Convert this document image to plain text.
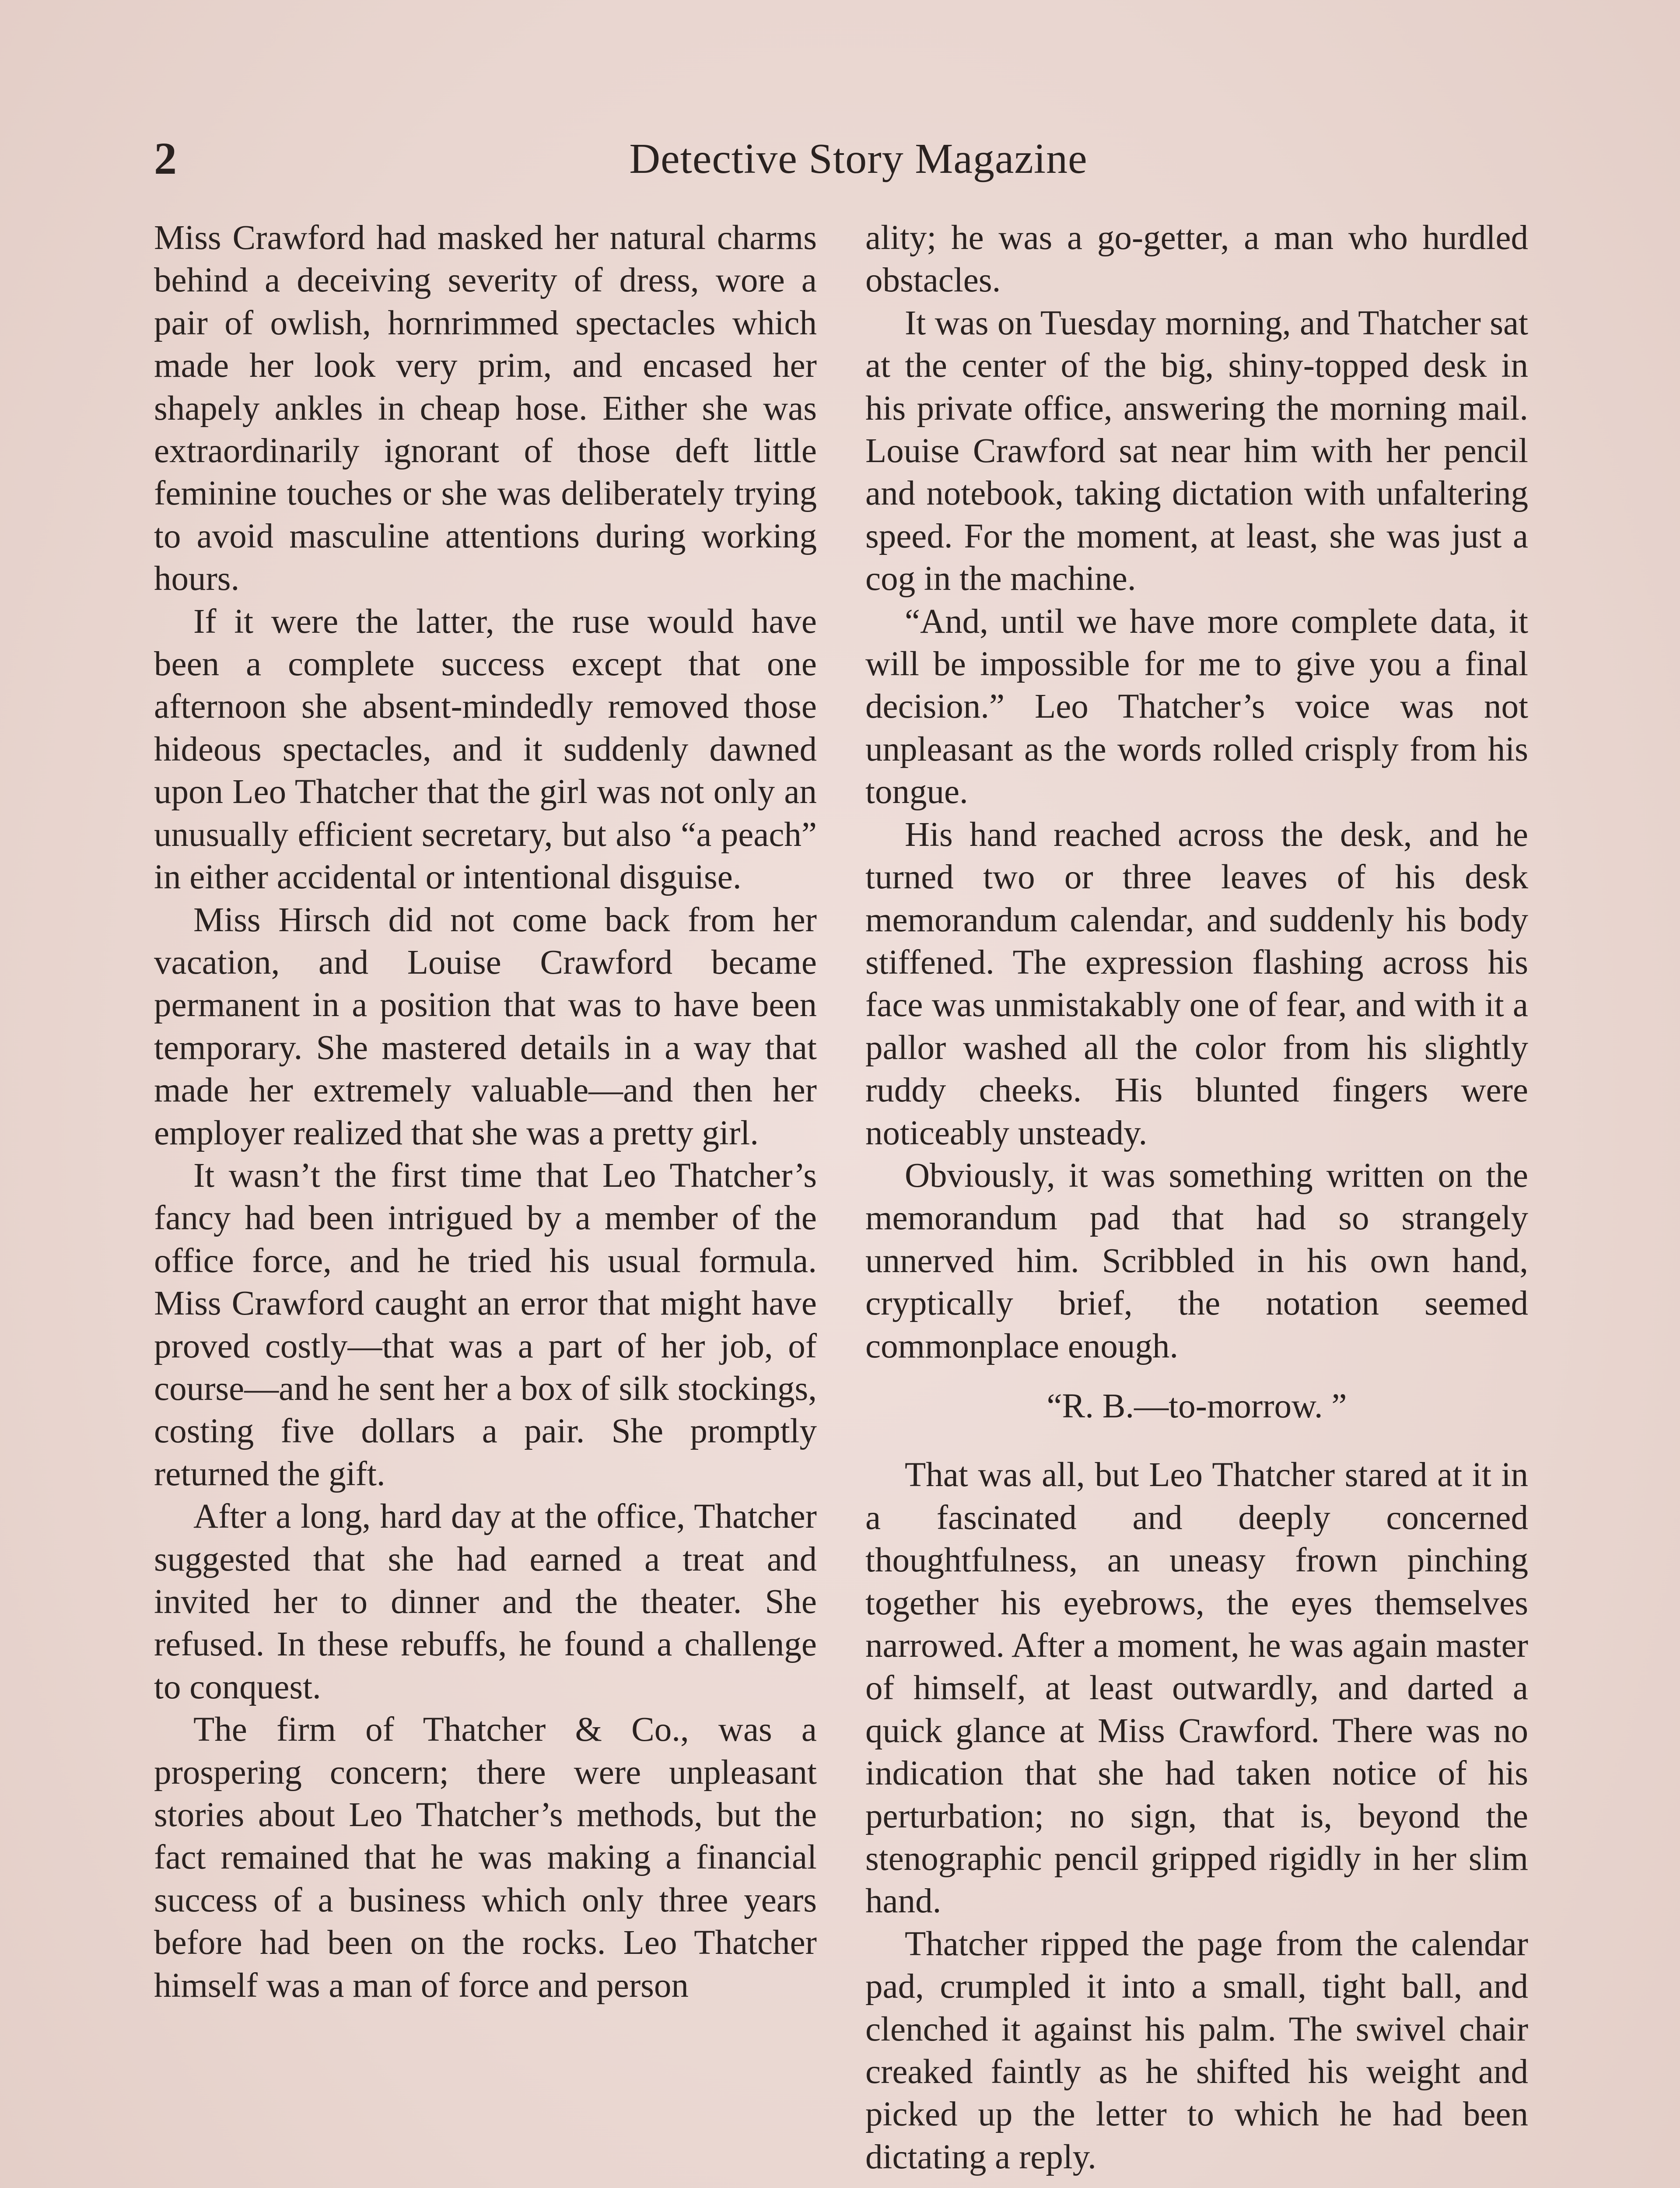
2	Detective Story Magazine

Miss Crawford had masked her natural charms behind a deceiving severity of dress, wore a pair of owlish, hornrimmed spectacles which made her look very prim, and encased her shapely ankles in cheap hose. Either she was extraordinarily ignorant of those deft little feminine touches or she was deliberately trying to avoid masculine attentions during working hours.

If it were the latter, the ruse would have been a complete success except that one afternoon she absent-mindedly removed those hideous spectacles, and it suddenly dawned upon Leo Thatcher that the girl was not only an unusually efficient secretary, but also “a peach” in either accidental or intentional disguise.

Miss Hirsch did not come back from her vacation, and Louise Crawford became permanent in a position that was to have been temporary. She mastered details in a way that made her extremely valuable—and then her employer realized that she was a pretty girl.

It wasn’t the first time that Leo Thatcher’s fancy had been intrigued by a member of the office force, and he tried his usual formula. Miss Crawford caught an error that might have proved costly—that was a part of her job, of course—and he sent her a box of silk stockings, costing five dollars a pair. She promptly returned the gift.

After a long, hard day at the office, Thatcher suggested that she had earned a treat and invited her to dinner and the theater. She refused. In these rebuffs, he found a challenge to conquest.

The firm of Thatcher & Co., was a prospering concern; there were unpleasant stories about Leo Thatcher’s methods, but the fact remained that he was making a financial success of a business which only three years before had been on the rocks. Leo Thatcher himself was a man of force and person

ality; he was a go-getter, a man who hurdled obstacles.

It was on Tuesday morning, and Thatcher sat at the center of the big, shiny-topped desk in his private office, answering the morning mail. Louise Crawford sat near him with her pencil and notebook, taking dictation with unfaltering speed. For the moment, at least, she was just a cog in the machine.

“And, until we have more complete data, it will be impossible for me to give you a final decision.” Leo Thatcher’s voice was not unpleasant as the words rolled crisply from his tongue.

His hand reached across the desk, and he turned two or three leaves of his desk memorandum calendar, and suddenly his body stiffened. The expression flashing across his face was unmistakably one of fear, and with it a pallor washed all the color from his slightly ruddy cheeks. His blunted fingers were noticeably unsteady.

Obviously, it was something written on the memorandum pad that had so strangely unnerved him. Scribbled in his own hand, cryptically brief, the notation seemed commonplace enough.

“R. B.—to-morrow. ”

That was all, but Leo Thatcher stared at it in a fascinated and deeply concerned thoughtfulness, an uneasy frown pinching together his eyebrows, the eyes themselves narrowed. After a moment, he was again master of himself, at least outwardly, and darted a quick glance at Miss Crawford. There was no indication that she had taken notice of his perturbation; no sign, that is, beyond the stenographic pencil gripped rigidly in her slim hand.

Thatcher ripped the page from the calendar pad, crumpled it into a small, tight ball, and clenched it against his palm. The swivel chair creaked faintly as he shifted his weight and picked up the letter to which he had been dictating a reply.
